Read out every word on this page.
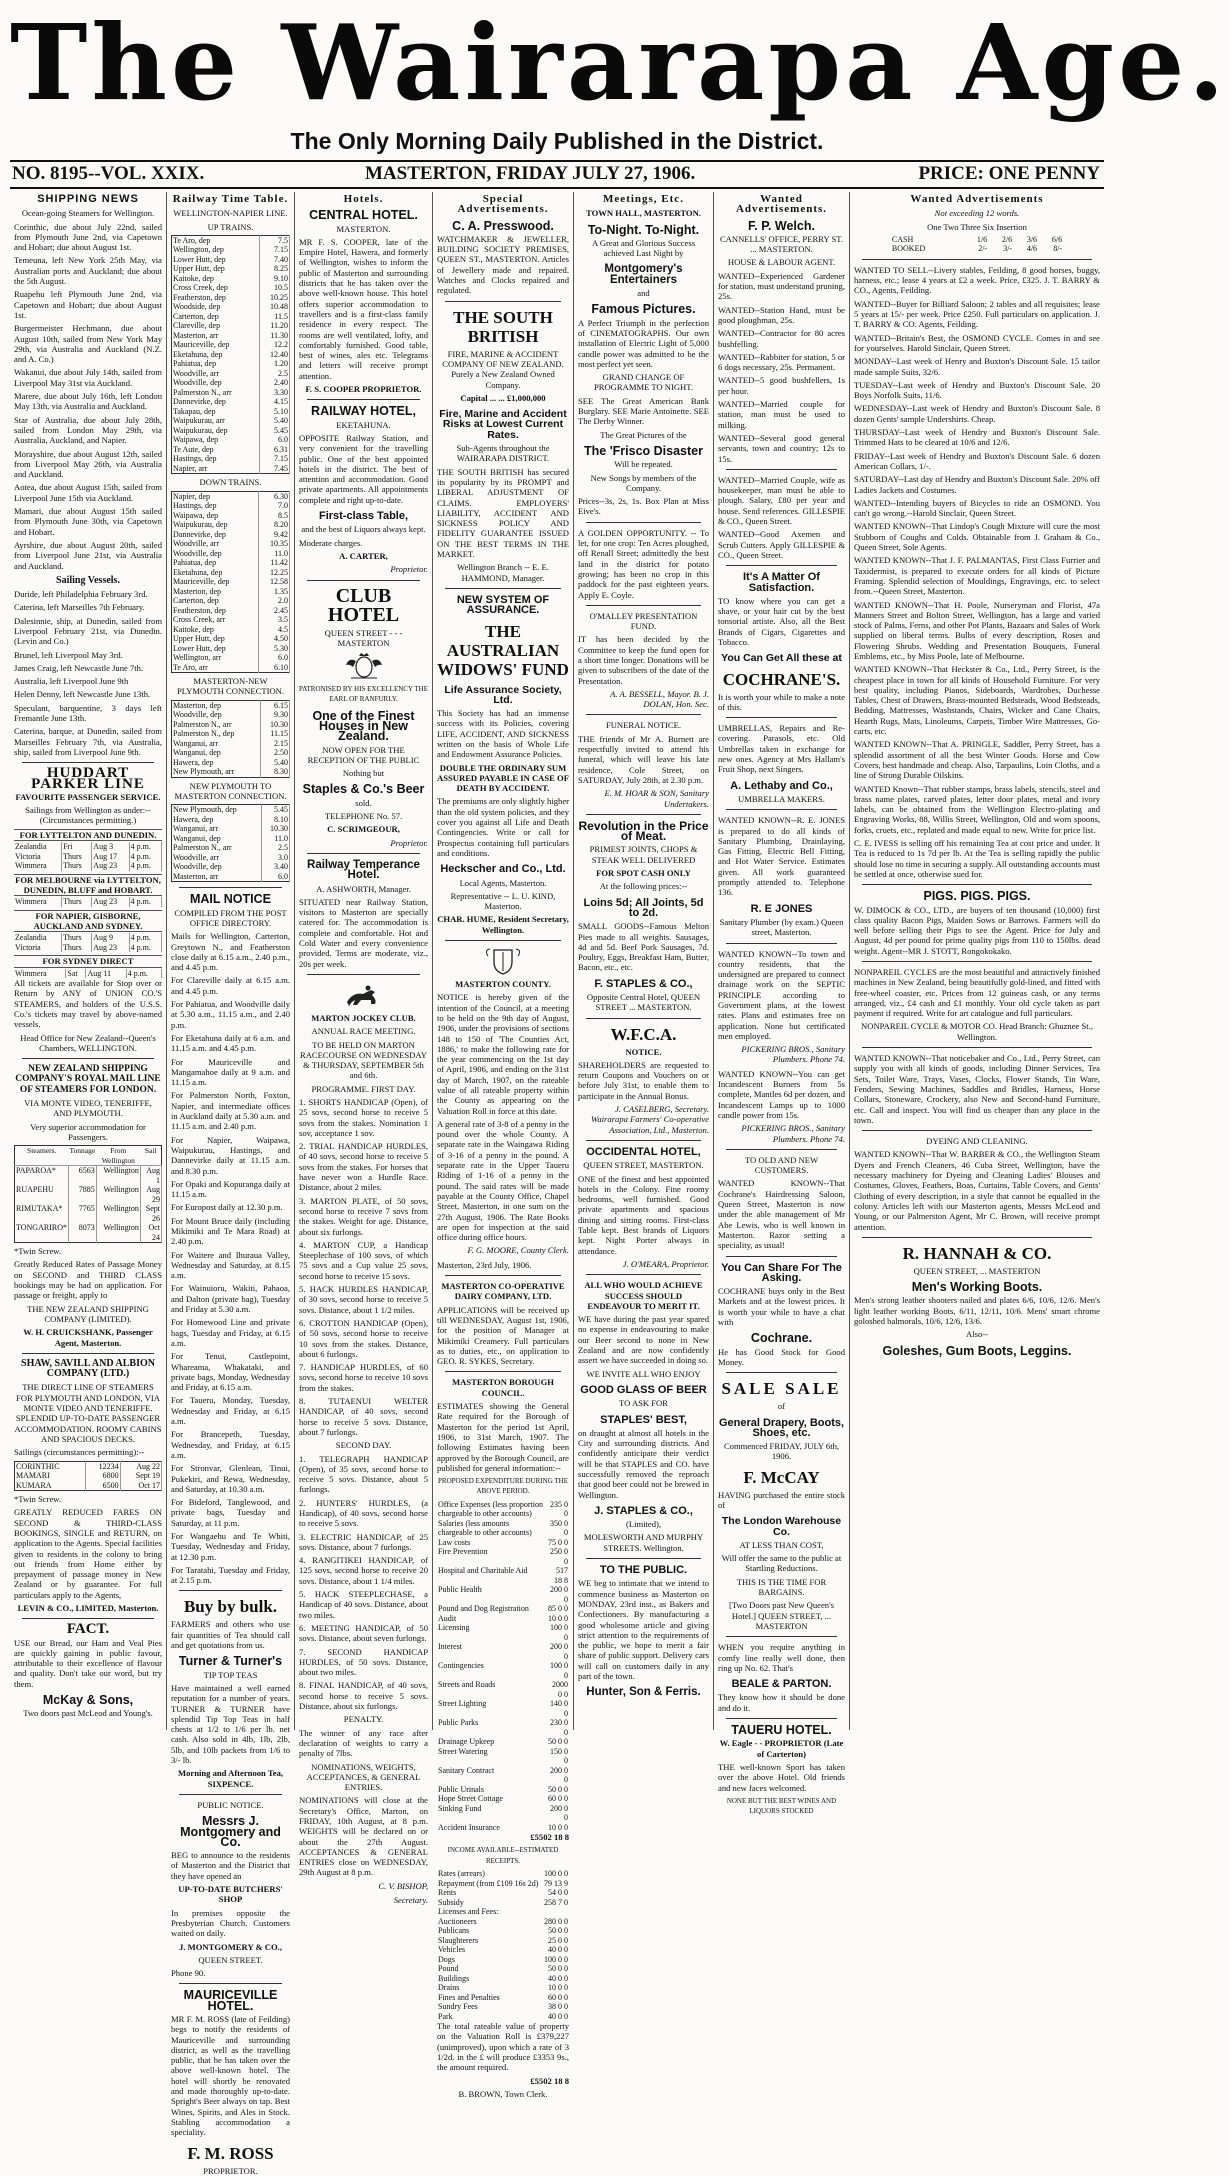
The Wairarapa Age.
The Only Morning Daily Published in the District.
NO. 8195--VOL. XXIX.	MASTERTON, FRIDAY JULY 27, 1906.	PRICE: ONE PENNY
SHIPPING NEWS

Ocean-going Steamers for Wellington.

Corinthic, due about July 22nd, sailed from Plymouth June 2nd, via Capetown and Hobart; due about August 1st.

Temeuna, left New York 25th May, via Australian ports and Auckland; due about the 5th August.

Ruapehu left Plymouth June 2nd, via Capetown and Hobart; due about August 1st.

Burgermeister Hechmann, due about August 10th, sailed from New York May 29th, via Australia and Auckland (N.Z. and A. Co.)

Wakanui, due about July 14th, sailed from Liverpool May 31st via Auckland.

Marere, due about July 16th, left London May 13th, via Australia and Auckland.

Star of Australia, due about July 28th, sailed from London May 29th, via Australia, Auckland, and Napier.

Morayshire, due about August 12th, sailed from Liverpool May 26th, via Australia and Auckland.

Aotea, due about August 15th, sailed from Liverpool June 15th via Auckland.

Mamari, due about August 15th sailed from Plymouth June 30th, via Capetown and Hobart.

Ayrshire, due about August 20th, sailed from Liverpool June 21st, via Australia and Auckland.

Sailing Vessels.

Duride, left Philadelphia February 3rd.

Caterina, left Marseilles 7th February.

Dalesinnie, ship, at Dunedin, sailed from Liverpool February 21st, via Dunedin. (Levin and Co.)

Brunel, left Liverpool May 3rd.

James Craig, left Newcastle June 7th.

Australia, left Liverpool June 9th

Helen Denny, left Newcastle June 13th.

Speculant, barquentine, 3 days left Fremantle June 13th.

Caterina, barque, at Dunedin, sailed from Marseilles February 7th, via Australia, ship, sailed from Liverpool June 9th.

HUDDART PARKER LINE

FAVOURITE PASSENGER SERVICE.

Sailings from Wellington as under:-- (Circumstances permitting.)

FOR LYTTELTON AND DUNEDIN.

Zealandia	Fri	Aug 3	4 p.m.
Victoria	Thurs	Aug 17	4 p.m.
Wimmera	Thurs	Aug 23	4 p.m.

FOR MELBOURNE via LYTTELTON, DUNEDIN, BLUFF and HOBART.

Wimmera	Thurs	Aug 23	4 p.m.

FOR NAPIER, GISBORNE, AUCKLAND AND SYDNEY.

Zealandia	Thurs	Aug 9	4 p.m.
Victoria	Thurs	Aug 23	4 p.m.

FOR SYDNEY DIRECT

Wimmera	Sat	Aug 11	4 p.m.

All tickets are available for Stop over or Return by ANY of UNION CO.'S STEAMERS, and holders of the U.S.S. Co.'s tickets may travel by above-named vessels.

Head Office for New Zealand--Queen's Chambers, WELLINGTON.

NEW ZEALAND SHIPPING COMPANY'S ROYAL MAIL LINE OF STEAMERS FOR LONDON.

VIA MONTE VIDEO, TENERIFFE, AND PLYMOUTH.

Very superior accommodation for Passengers.

Steamers.	Tonnage	From Wellington	Sail
PAPAROA*	6563	Wellington	Aug 1
RUAPEHU	7885	Wellington	Aug 29
RIMUTAKA*	7765	Wellington	Sept 26
TONGARIRO*	8073	Wellington	Oct 24

*Twin Screw.

Greatly Reduced Rates of Passage Money on SECOND and THIRD CLASS bookings may be had on application. For passage or freight, apply to

THE NEW ZEALAND SHIPPING COMPANY (LIMITED).

W. H. CRUICKSHANK, Passenger Agent, Masterton.

SHAW, SAVILL AND ALBION COMPANY (LTD.)

THE DIRECT LINE OF STEAMERS FOR PLYMOUTH AND LONDON, VIA MONTE VIDEO AND TENERIFFE. SPLENDID UP-TO-DATE PASSENGER ACCOMMODATION. ROOMY CABINS AND SPACIOUS DECKS.

Sailings (circumstances permitting):--

CORINTHIC	12234	Aug 22
MAMARI	6800	Sept 19
KUMARA	6500	Oct 17

*Twin Screw.

GREATLY REDUCED FARES ON SECOND & THIRD-CLASS BOOKINGS, SINGLE and RETURN, on application to the Agents. Special facilities given to residents in the colony to bring out friends from Home either by prepayment of passage money in New Zealand or by guarantee. For full particulars apply to the Agents,

LEVIN & CO., LIMITED, Masterton.

FACT.

USE our Bread, our Ham and Veal Pies are quickly gaining in public favour, attributable to their excellence of flavour and quality. Don't take our word, but try them.

McKay & Sons,

Two doors past McLeod and Young's.

Railway Time Table.

WELLINGTON-NAPIER LINE.

UP TRAINS.

Te Aro, dep	7.5
Wellington, dep	7.15
Lower Hutt, dep	7.40
Upper Hutt, dep	8.25
Kaitoke, dep	9.10
Cross Creek, dep	10.5
Featherston, dep	10.25
Woodside, dep	10.48
Carterton, dep	11.5
Clareville, dep	11.20
Masterton, arr	11.30
Mauriceville, dep	12.2
Eketahuna, dep	12.40
Pahiatua, dep	1.20
Woodville, arr	2.5
Woodville, dep	2.40
Palmerston N., arr	3.30
Dannevirke, dep	4.15
Takapau, dep	5.10
Waipukurau, arr	5.40
Waipukurau, dep	5.45
Waipawa, dep	6.0
Te Aute, dep	6.31
Hastings, dep	7.15
Napier, arr	7.45

DOWN TRAINS.

Napier, dep	6.30
Hastings, dep	7.0
Waipawa, dep	8.5
Waipukurau, dep	8.20
Dannevirke, dep	9.42
Woodville, arr	10.35
Woodville, dep	11.0
Pahiatua, dep	11.42
Eketahuna, dep	12.25
Mauriceville, dep	12.58
Masterton, dep	1.35
Carterton, dep	2.0
Featherston, dep	2.45
Cross Creek, arr	3.5
Kaitoke, dep	4.5
Upper Hutt, dep	4.50
Lower Hutt, dep	5.30
Wellington, arr	6.0
Te Aro, arr	6.10

MASTERTON-NEW PLYMOUTH CONNECTION.

Masterton, dep	6.15
Woodville, dep	9.30
Palmerston N., arr	10.30
Palmerston N., dep	11.15
Wanganui, arr	2.15
Wanganui, dep	2.50
Hawera, dep	5.40
New Plymouth, arr	8.30

NEW PLYMOUTH TO MASTERTON CONNECTION.

New Plymouth, dep	5.45
Hawera, dep	8.10
Wanganui, arr	10.30
Wanganui, dep	11.0
Palmerston N., arr	2.5
Woodville, arr	3.0
Woodville, dep	3.40
Masterton, arr	6.0
MAIL NOTICE

COMPILED FROM THE POST OFFICE DIRECTORY.

Mails for Wellington, Carterton, Greytown N., and Featherston close daily at 6.15 a.m., 2.40 p.m., and 4.45 p.m.

For Clareville daily at 6.15 a.m. and 4.45 p.m.

For Pahiatua, and Woodville daily at 5.30 a.m., 11.15 a.m., and 2.40 p.m.

For Eketahuna daily at 6 a.m. and 11.15 a.m. and 4.45 p.m.

For Mauriceville and Mangamahoe daily at 9 a.m. and 11.15 a.m.

For Palmerston North, Foxton, Napier, and intermediate offices in Auckland daily at 5.30 a.m. and 11.15 a.m. and 2.40 p.m.

For Napier, Waipawa, Waipukurau, Hastings, and Dannevirke daily at 11.15 a.m. and 8.30 p.m.

For Opaki and Kopuranga daily at 11.15 a.m.

For Europost daily at 12.30 p.m.

For Mount Bruce daily (including Mikimiki and Te Mara Road) at 2.40 p.m.

For Waitere and Ihuraua Valley, Wednesday and Saturday, at 8.15 a.m.

For Wainuioru, Wakiti, Pahaoa, and Dalton (private bag), Tuesday and Friday at 5.30 a.m.

For Homewood Line and private bags, Tuesday and Friday, at 6.15 a.m.

For Tenui, Castlepoint, Whareama, Whakataki, and private bags, Monday, Wednesday and Friday, at 6.15 a.m.

For Taueru, Monday, Tuesday, Wednesday and Friday, at 6.15 a.m.

For Brancepeth, Tuesday, Wednesday, and Friday, at 6.15 a.m.

For Stronvar, Glenlean, Tinui, Pukekiri, and Rewa, Wednesday, and Saturday, at 10.30 a.m.

For Bideford, Tanglewood, and private bags, Tuesday and Saturday, at 11 p.m.

For Wangaehu and Te Whiti, Tuesday, Wednesday and Friday, at 12.30 p.m.

For Taratahi, Tuesday and Friday, at 2.15 p.m.

Buy by bulk.

FARMERS and others who use fair quantities of Tea should call and get quotations from us.

Turner & Turner's

TIP TOP TEAS

Have maintained a well earned reputation for a number of years. TURNER & TURNER have splendid Tip Top Teas in half chests at 1/2 to 1/6 per lb. net cash. Also sold in 4lb, 1lb, 2lb, 5lb, and 10lb packets from 1/6 to 3/- lb.

Morning and Afternoon Tea, SIXPENCE.

PUBLIC NOTICE.

Messrs J. Montgomery and Co.

BEG to announce to the residents of Masterton and the District that they have opened an

UP-TO-DATE BUTCHERS' SHOP

In premises opposite the Presbyterian Church. Customers waited on daily.

J. MONTGOMERY & CO.,

QUEEN STREET.

Phone 90.

MAURICEVILLE HOTEL.

MR F. M. ROSS (late of Feilding) begs to notify the residents of Mauriceville and surrounding district, as well as the travelling public, that he has taken over the above well-known hotel. The hotel will shortly be renovated and made thoroughly up-to-date. Spright's Beer always on tap. Best Wines, Spirits, and Ales in Stock. Stabling accommodation a speciality.

F. M. ROSS

PROPRIETOR.

Hotels.
CENTRAL HOTEL.

MASTERTON.

MR F. S. COOPER, late of the Empire Hotel, Hawera, and formerly of Wellington, wishes to inform the public of Masterton and surrounding districts that he has taken over the above well-known house. This hotel offers superior accommodation to travellers and is a first-class family residence in every respect. The rooms are well ventilated, lofty, and comfortably furnished. Good table, best of wines, ales etc. Telegrams and letters will receive prompt attention.

F. S. COOPER PROPRIETOR.

RAILWAY HOTEL,

EKETAHUNA.

OPPOSITE Railway Station, and very convenient for the travelling public. One of the best appointed hotels in the district. The best of attention and accommodation. Good private apartments. All appointments complete and right up-to-date.

First-class Table,

and the best of Liquors always kept.

Moderate charges.

A. CARTER,

Proprietor.

CLUB HOTEL

QUEEN STREET - - - MASTERTON

PATRONISED BY HIS EXCELLENCY THE EARL OF RANFURLY.

One of the Finest Houses in New Zealand.

NOW OPEN FOR THE RECEPTION OF THE PUBLIC

Nothing but

Staples & Co.'s Beer

sold.

TELEPHONE No. 57.

C. SCRIMGEOUR,

Proprietor.

Railway Temperance Hotel.

A. ASHWORTH, Manager.

SITUATED near Railway Station, visitors to Masterton are specially catered for. The accommodation is complete and comfortable. Hot and Cold Water and every convenience provided. Terms are moderate, viz., 20s per week.

MARTON JOCKEY CLUB.

ANNUAL RACE MEETING.

TO BE HELD ON MARTON RACECOURSE ON WEDNESDAY & THURSDAY, SEPTEMBER 5th and 6th.

PROGRAMME. FIRST DAY.

1. SHORTS HANDICAP (Open), of 25 sovs, second horse to receive 5 sovs from the stakes. Nomination 1 sov, acceptance 1 sov.

2. TRIAL HANDICAP HURDLES, of 40 sovs, second horse to receive 5 sovs from the stakes. For horses that have never won a Hurdle Race. Distance, about 2 miles.

3. MARTON PLATE, of 50 sovs, second horse to receive 7 sovs from the stakes. Weight for age. Distance, about six furlongs.

4. MARTON CUP, a Handicap Steeplechase of 100 sovs, of which 75 sovs and a Cup value 25 sovs, second horse to receive 15 sovs.

5. HACK HURDLES HANDICAP, of 30 sovs, second horse to receive 5 sovs. Distance, about 1 1/2 miles.

6. CROTTON HANDICAP (Open), of 50 sovs, second horse to receive 10 sovs from the stakes. Distance, about 6 furlongs.

7. HANDICAP HURDLES, of 60 sovs, second horse to receive 10 sovs from the stakes.

8. TUTAENUI WELTER HANDICAP, of 40 sovs, second horse to receive 5 sovs. Distance, about 7 furlongs.

SECOND DAY.

1. TELEGRAPH HANDICAP (Open), of 35 sovs, second horse to receive 5 sovs. Distance, about 5 furlongs.

2. HUNTERS' HURDLES, (a Handicap), of 40 sovs, second horse to receive 5 sovs.

3. ELECTRIC HANDICAP, of 25 sovs. Distance, about 7 furlongs.

4. RANGITIKEI HANDICAP, of 125 sovs, second horse to receive 20 sovs. Distance, about 1 1/4 miles.

5. HACK STEEPLECHASE, a Handicap of 40 sovs. Distance, about two miles.

6. MEETING HANDICAP, of 50 sovs. Distance, about seven furlongs.

7. SECOND HANDICAP HURDLES, of 50 sovs. Distance, about two miles.

8. FINAL HANDICAP, of 40 sovs, second horse to receive 5 sovs. Distance, about six furlongs.

PENALTY.

The winner of any race after declaration of weights to carry a penalty of 7lbs.

NOMINATIONS, WEIGHTS, ACCEPTANCES, & GENERAL ENTRIES.

NOMINATIONS will close at the Secretary's Office, Marton, on FRIDAY, 10th August, at 8 p.m. WEIGHTS will be declared on or about the 27th August. ACCEPTANCES & GENERAL ENTRIES close on WEDNESDAY, 29th August at 8 p.m.

C. V. BISHOP,

Secretary.

Special Advertisements.
C. A. Presswood.

WATCHMAKER & JEWELLER, BUILDING SOCIETY PREMISES, QUEEN ST., MASTERTON. Articles of Jewellery made and repaired. Watches and Clocks repaired and regulated.

THE SOUTH BRITISH

FIRE, MARINE & ACCIDENT COMPANY OF NEW ZEALAND. Purely a New Zealand Owned Company.

Capital ... ... £1,000,000

Fire, Marine and Accident Risks at Lowest Current Rates.

Sub-Agents throughout the WAIRARAPA DISTRICT.

THE SOUTH BRITISH has secured its popularity by its PROMPT and LIBERAL ADJUSTMENT OF CLAIMS. EMPLOYERS' LIABILITY, ACCIDENT AND SICKNESS POLICY AND FIDELITY GUARANTEE ISSUED ON THE BEST TERMS IN THE MARKET.

Wellington Branch -- E. E. HAMMOND, Manager.

NEW SYSTEM OF ASSURANCE.
THE AUSTRALIAN WIDOWS' FUND
Life Assurance Society, Ltd.

This Society has had an immense success with its Policies, covering LIFE, ACCIDENT, AND SICKNESS written on the basis of Whole Life and Endowment Assurance Policies.

DOUBLE THE ORDINARY SUM ASSURED PAYABLE IN CASE OF DEATH BY ACCIDENT.

The premiums are only slightly higher than the old system policies, and they cover you against all Life and Death Contingencies. Write or call for Prospectus containing full particulars and conditions.

Heckscher and Co., Ltd.

Local Agents, Masterton.

Representative -- L. U. KIND, Masterton.

CHAR. HUME, Resident Secretary, Wellington.

MASTERTON COUNTY.

NOTICE is hereby given of the intention of the Council, at a meeting to be held on the 9th day of August, 1906, under the provisions of sections 148 to 150 of 'The Counties Act, 1886,' to make the following rate for the year commencing on the 1st day of April, 1906, and ending on the 31st day of March, 1907, on the rateable value of all rateable property within the County as appearing on the Valuation Roll in force at this date.

A general rate of 3-8 of a penny in the pound over the whole County. A separate rate in the Waingawa Riding of 3-16 of a penny in the pound. A separate rate in the Upper Taueru Riding of 1-16 of a penny in the pound. The said rates will be made payable at the County Office, Chapel Street, Masterton, in one sum on the 27th August, 1906. The Rate Books are open for inspection at the said office during office hours.

F. G. MOORE, County Clerk.

Masterton, 23rd July, 1906.

MASTERTON CO-OPERATIVE DAIRY COMPANY, LTD.

APPLICATIONS will be received up till WEDNESDAY, August 1st, 1906, for the position of Manager at Mikimiki Creamery. Full particulars as to duties, etc., on application to GEO. R. SYKES, Secretary.

MASTERTON BOROUGH COUNCIL.

ESTIMATES showing the General Rate required for the Borough of Masterton for the period 1st April, 1906, to 31st March, 1907. The following Estimates having been approved by the Borough Council, are published for general information:--

PROPOSED EXPENDITURE DURING THE ABOVE PERIOD.

Office Expenses (less proportion chargeable to other accounts)	235 0 0
Salaries (less amounts chargeable to other accounts)	350 0 0
Law costs	75 0 0
Fire Prevention	250 0 0
Hospital and Charitable Aid	517 18 8
Public Health	200 0 0
Pound and Dog Registration	85 0 0
Audit	10 0 0
Licensing	100 0 0
Interest	200 0 0
Contingencies	100 0 0
Streets and Roads	2000 0 0
Street Lighting	140 0 0
Public Parks	230 0 0
Drainage Upkeep	50 0 0
Street Watering	150 0 0
Sanitary Contract	200 0 0
Public Urinals	50 0 0
Hope Street Cottage	60 0 0
Sinking Fund	200 0 0
Accident Insurance	10 0 0

£5502 18 8

INCOME AVAILABLE--ESTIMATED RECEIPTS.

Rates (arrears)	100 0 0
Repayment (from £109 16s 2d)	79 13 9
Rents	54 0 0
Subsidy	258 7 0
Licenses and Fees:	
Auctioneers	280 0 0
Publicans	50 0 0
Slaughterers	25 0 0
Vehicles	40 0 0
Dogs	100 0 0
Pound	50 0 0
Buildings	40 0 0
Drains	10 0 0
Fines and Penalties	60 0 0
Sundry Fees	38 0 0
Park	40 0 0

The total rateable value of property on the Valuation Roll is £379,227 (unimproved), upon which a rate of 3 1/2d. in the £ will produce £3353 9s., the amount required.

£5502 18 8

B. BROWN, Town Clerk.

Meetings, Etc.

TOWN HALL, MASTERTON.

To-Night. To-Night.

A Great and Glorious Success achieved Last Night by

Montgomery's Entertainers

and

Famous Pictures.

A Perfect Triumph in the perfection of CINEMATOGRAPHS. Our own installation of Electric Light of 5,000 candle power was admitted to be the most perfect yet seen.

GRAND CHANGE OF PROGRAMME TO NIGHT.

SEE The Great American Bank Burglary. SEE Marie Antoinette. SEE The Derby Winner.

The Great Pictures of the

The 'Frisco Disaster

Will be repeated.

New Songs by members of the Company.

Prices--3s, 2s, 1s. Box Plan at Miss Eive's.

A GOLDEN OPPORTUNITY. -- To let, for one crop: Ten Acres ploughed, off Renall Street; admittedly the best land in the district for potato growing; has been no crop in this paddock for the past eighteen years. Apply E. Coyle.

O'MALLEY PRESENTATION FUND.

IT has been decided by the Committee to keep the fund open for a short time longer. Donations will be given to subscribers of the date of the Presentation.

A. A. BESSELL, Mayor. B. J. DOLAN, Hon. Sec.

FUNERAL NOTICE.

THE friends of Mr A. Burnett are respectfully invited to attend his funeral, which will leave his late residence, Cole Street, on SATURDAY, July 28th, at 2.30 p.m.

E. M. HOAR & SON, Sanitary Undertakers.

Revolution in the Price of Meat.

PRIMEST JOINTS, CHOPS & STEAK WELL DELIVERED

FOR SPOT CASH ONLY

At the following prices:--

Loins 5d; All Joints, 5d to 2d.

SMALL GOODS--Famous Melton Pies made to all weights. Sausages, 4d and 5d. Beef Pork Sausages, 7d. Poultry, Eggs, Breakfast Ham, Butter, Bacon, etc., etc.

F. STAPLES & CO.,

Opposite Central Hotel, QUEEN STREET ... MASTERTON.

W.F.C.A.

NOTICE.

SHAREHOLDERS are requested to return Coupons and Vouchers on or before July 31st, to enable them to participate in the Annual Bonus.

J. CASELBERG, Secretary. Wairarapa Farmers' Co-operative Association, Ltd., Masterton.

OCCIDENTAL HOTEL,

QUEEN STREET, MASTERTON.

ONE of the finest and best appointed hotels in the Colony. Fine roomy bedrooms, well furnished. Good private apartments and spacious dining and sitting rooms. First-class Table kept. Best brands of Liquors kept. Night Porter always in attendance.

J. O'MEARA, Proprietor.

ALL WHO WOULD ACHIEVE SUCCESS SHOULD ENDEAVOUR TO MERIT IT.

WE have during the past year spared no expense in endeavouring to make our Beer second to none in New Zealand and are now confidently assert we have succeeded in doing so.

WE INVITE ALL WHO ENJOY

GOOD GLASS OF BEER

TO ASK FOR

STAPLES' BEST,

on draught at almost all hotels in the City and surrounding districts. And confidently anticipate their verdict will be that STAPLES and CO. have successfully removed the reproach that good beer could not be brewed in Wellington.

J. STAPLES & CO.,

(Limited),

MOLESWORTH AND MURPHY STREETS. Wellington.

TO THE PUBLIC.

WE beg to intimate that we intend to commence business as Masterton on MONDAY, 23rd inst., as Bakers and Confectioners. By manufacturing a good wholesome article and giving strict attention to the requirements of the public, we hope to merit a fair share of public support. Delivery cars will call on customers daily in any part of the town.

Hunter, Son & Ferris.
Wanted Advertisements.
F. P. Welch.

CANNELLS' OFFICE, PERRY ST. ... MASTERTON.

HOUSE & LABOUR AGENT.

WANTED--Experienced Gardener for station, must understand pruning, 25s.

WANTED--Station Hand, must be good ploughman, 25s.

WANTED--Contractor for 80 acres bushfelling.

WANTED--Rabbiter for station, 5 or 6 dogs necessary, 25s. Permanent.

WANTED--5 good bushfellers, 1s per hour.

WANTED--Married couple for station, man must be used to milking.

WANTED--Several good general servants, town and country; 12s to 15s.

WANTED--Married Couple, wife as housekeeper, man must be able to plough. Salary, £80 per year and house. Send references. GILLESPIE & CO., Queen Street.

WANTED--Good Axemen and Scrub Cutters. Apply GILLESPIE & CO., Queen Street.

It's A Matter Of Satisfaction.

TO know where you can get a shave, or your hair cut by the best tonsorial artiste. Also, all the Best Brands of Cigars, Cigarettes and Tobacco.

You Can Get All these at
COCHRANE'S.

It is worth your while to make a note of this.

UMBRELLAS, Repairs and Re-covering. Parasols, etc. Old Umbrellas taken in exchange for new ones. Agency at Mrs Hallam's Fruit Shop, next Singers.

A. Lethaby and Co.,

UMBRELLA MAKERS.

WANTED KNOWN--R. E. JONES is prepared to do all kinds of Sanitary Plumbing, Drainlaying, Gas Fitting, Electric Bell Fitting, and Hot Water Service. Estimates given. All work guaranteed promptly attended to. Telephone 136.

R. E JONES

Sanitary Plumber (by exam.) Queen street, Masterton.

WANTED KNOWN--To town and country residents, that the undersigned are prepared to connect drainage work on the SEPTIC PRINCIPLE according to Government plans, at the lowest rates. Plans and estimates free on application. None but certificated men employed.

PICKERING BROS., Sanitary Plumbers. Phone 74.

WANTED KNOWN--You can get Incandescent Burners from 5s complete, Mantles 6d per dozen, and Incandescent Lamps up to 1000 candle power from 15s.

PICKERING BROS., Sanitary Plumbers. Phone 74.

TO OLD AND NEW CUSTOMERS.

WANTED KNOWN--That Cochrane's Hairdressing Saloon, Queen Street, Masterton is now under the able management of Mr Abe Lewis, who is well known in Masterton. Razor setting a speciality, as usual!

You Can Share For The Asking.

COCHRANE buys only in the Best Markets and at the lowest prices. It is worth your while to have a chat with

Cochrane.

He has Good Stock for Good Money.

SALE SALE

of

General Drapery, Boots, Shoes, etc.

Commenced FRIDAY, JULY 6th, 1906.

F. McCAY

HAVING purchased the entire stock of

The London Warehouse Co.

AT LESS THAN COST,

Will offer the same to the public at Startling Reductions.

THIS IS THE TIME FOR BARGAINS.

[Two Doors past New Queen's Hotel.] QUEEN STREET, ... MASTERTON

WHEN you require anything in comfy line really well done, then ring up No. 62. That's

BEALE & PARTON.

They know how it should be done and do it.

TAUERU HOTEL.

W. Eagle - - PROPRIETOR (Late of Carterton)

THE well-known Sport has taken over the above Hotel. Old friends and new faces welcomed.

NONE BUT THE BEST WINES AND LIQUORS STOCKED

Wanted Advertisements

Not exceeding 12 words.

One Two Three Six Insertion

CASH	1/6	2/6	3/6	6/6
BOOKED	2/-	3/-	4/6	8/-

WANTED TO SELL--Livery stables, Feilding, 8 good horses, buggy, harness, etc.; lease 4 years at £2 a week. Price, £325. J. T. BARRY & CO., Agents, Feilding.

WANTED--Buyer for Billiard Saloon; 2 tables and all requisites; lease 5 years at 15/- per week. Price £250. Full particulars on application. J. T. BARRY & CO. Agents, Feilding.

WANTED--Britain's Best, the OSMOND CYCLE. Comes in and see for yourselves. Harold Sinclair, Queen Street.

MONDAY--Last week of Henry and Buxton's Discount Sale. 15 tailor made sample Suits, 32/6.

TUESDAY--Last week of Hendry and Buxton's Discount Sale. 20 Boys Norfolk Suits, 11/6.

WEDNESDAY--Last week of Hendry and Buxton's Discount Sale. 8 dozen Gents' sample Undershirts. Cheap.

THURSDAY--Last week of Hendry and Buxton's Discount Sale. Trimmed Hats to be cleared at 10/6 and 12/6.

FRIDAY--Last week of Hendry and Buxton's Discount Sale. 6 dozen American Collars, 1/-.

SATURDAY--Last day of Hendry and Buxton's Discount Sale. 20% off Ladies Jackets and Costumes.

WANTED--Intending buyers of Bicycles to ride an OSMOND. You can't go wrong.--Harold Sinclair, Queen Street.

WANTED KNOWN--That Lindop's Cough Mixture will cure the most Stubborn of Coughs and Colds. Obtainable from J. Graham & Co., Queen Street, Sole Agents.

WANTED KNOWN--That J. F. PALMANTAS, First Class Furrier and Taxidermist, is prepared to execute orders for all kinds of Picture Framing. Splendid selection of Mouldings, Engravings, etc. to select from.--Queen Street, Masterton.

WANTED KNOWN--That H. Poole, Nurseryman and Florist, 47a Manners Street and Bolton Street, Wellington, has a large and varied stock of Palms, Ferns, and other Pot Plants, Bazaars and Sales of Work supplied on liberal terms. Bulbs of every description, Roses and Flowering Shrubs. Wedding and Presentation Bouquets, Funeral Emblems, etc., by Miss Poole, late of Melbourne.

WANTED KNOWN--That Heckster & Co., Ltd., Perry Street, is the cheapest place in town for all kinds of Household Furniture. For very best quality, including Pianos, Sideboards, Wardrobes, Duchesse Tables, Chest of Drawers, Brass-mounted Bedsteads, Wood Bedsteads, Bedding, Mattresses, Washstands, Chairs, Wicker and Cane Chairs, Hearth Rugs, Mats, Linoleums, Carpets, Timber Wire Mattresses, Go-carts, etc.

WANTED KNOWN--That A. PRINGLE, Saddler, Perry Street, has a splendid assortment of all the best Winter Goods. Horse and Cow Covers, best handmade and cheap. Also, Tarpaulins, Loin Cloths, and a line of Strong Durable Oilskins.

WANTED Known--That rubber stamps, brass labels, stencils, steel and brass name plates, carved plates, letter door plates, metal and ivory labels, can be obtained from the Wellington Electro-plating and Engraving Works, 88, Willis Street, Wellington, Old and worn spoons, forks, cruets, etc., replated and made equal to new. Write for price list.

C. E. IVESS is selling off his remaining Tea at cost price and under. It Tea is reduced to 1s 7d per lb. At the Tea is selling rapidly the public should lose no time in securing a supply. All outstanding accounts must be settled at once, otherwise sued for.

PIGS. PIGS. PIGS.

W. DIMOCK & CO., LTD., are buyers of ten thousand (10,000) first class quality Bacon Pigs, Maiden Sows or Barrows. Farmers will do well before selling their Pigs to see the Agent. Price for July and August, 4d per pound for prime quality pigs from 110 to 150lbs. dead weight. Agent--MR J. STOTT, Rongokokako.

NONPAREIL CYCLES are the most beautiful and attractively finished machines in New Zealand, being beautifully gold-lined, and fitted with free-wheel coaster, etc. Prices from 12 guineas cash, or any terms arranged, viz., £4 cash and £1 monthly. Your old cycle taken as part payment if required. Write for art catalogue and full particulars.

NONPAREIL CYCLE & MOTOR CO. Head Branch: Ghuznee St., Wellington.

WANTED KNOWN--That noticebaker and Co., Ltd., Perry Street, can supply you with all kinds of goods, including Dinner Services, Tea Sets, Toilet Ware, Trays, Vases, Clocks, Flower Stands, Tin Ware, Fenders, Sewing Machines, Saddles and Bridles, Harness, Horse Collars, Stoneware, Crockery, also New and Second-hand Furniture, etc. Call and inspect. You will find us cheaper than any place in the town.

DYEING AND CLEANING.

WANTED KNOWN--That W. BARBER & CO., the Wellington Steam Dyers and French Cleaners, 46 Cuba Street, Wellington, have the necessary machinery for Dyeing and Cleaning Ladies' Blouses and Costumes, Gloves, Feathers, Boas, Curtains, Table Covers, and Gents' Clothing of every description, in a style that cannot be equalled in the colony. Articles left with our Masterton agents, Messrs McLeod and Young, or our Palmerston Agent, Mr C. Brown, will receive prompt attention.

R. HANNAH & CO.

QUEEN STREET, ... MASTERTON

Men's Working Boots.

Men's strong leather shooters nailed and plates 6/6, 10/6, 12/6. Men's light leather working Boots, 6/11, 12/11, 10/6. Mens' smart chrome goloshed balmorals, 10/6, 12/6, 13/6.

Also--

Goleshes, Gum Boots, Leggins.
